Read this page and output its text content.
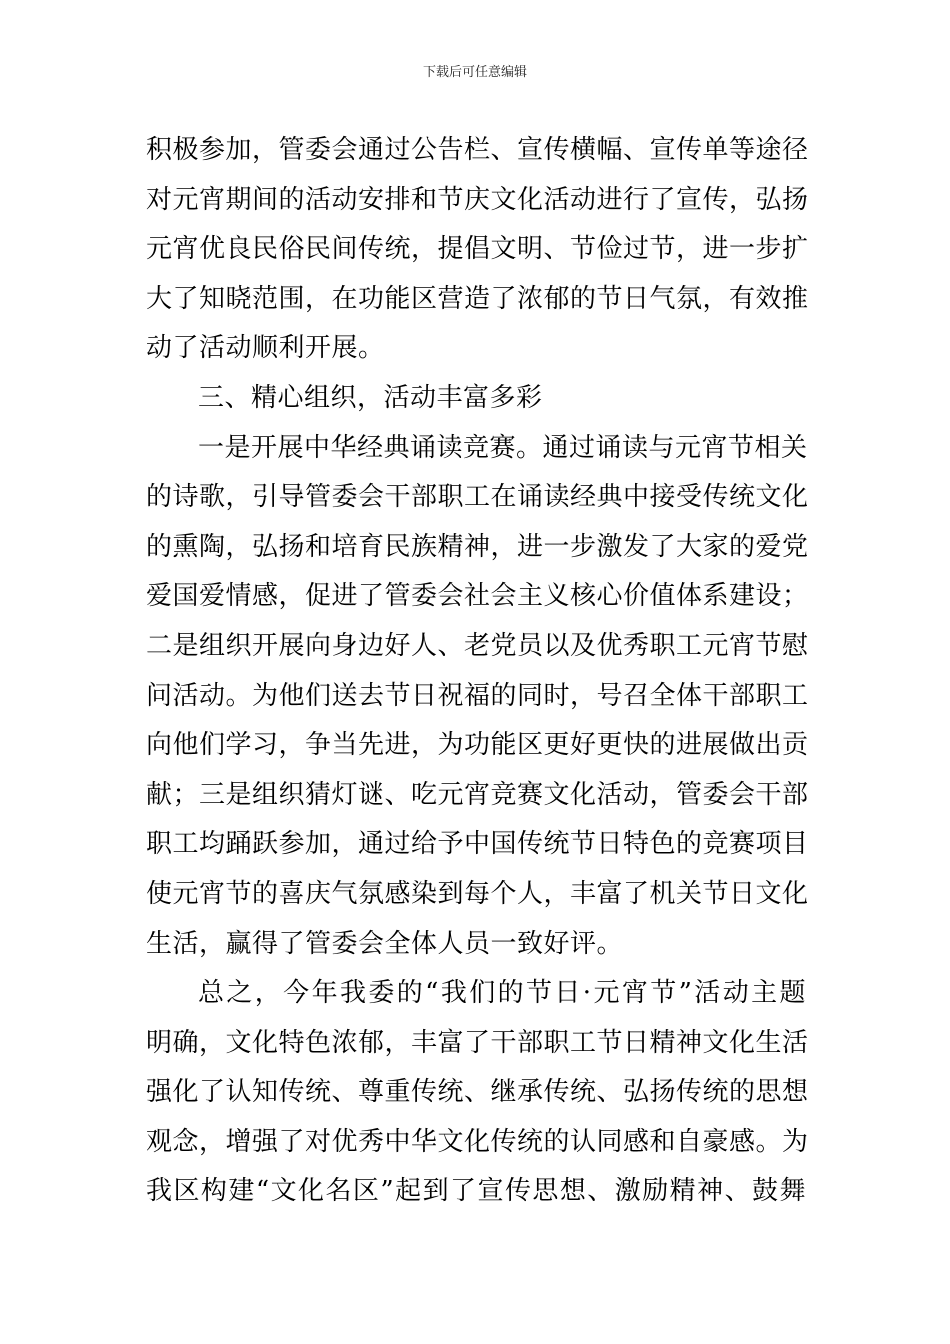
下载后可任意编辑
积极参加，管委会通过公告栏、宣传横幅、宣传单等途径
对元宵期间的活动安排和节庆文化活动进行了宣传，弘扬
元宵优良民俗民间传统，提倡文明、节俭过节，进一步扩
大了知晓范围，在功能区营造了浓郁的节日气氛，有效推
动了活动顺利开展。
三、精心组织，活动丰富多彩
一是开展中华经典诵读竞赛。通过诵读与元宵节相关
的诗歌，引导管委会干部职工在诵读经典中接受传统文化
的熏陶，弘扬和培育民族精神，进一步激发了大家的爱党
爱国爱情感，促进了管委会社会主义核心价值体系建设；
二是组织开展向身边好人、老党员以及优秀职工元宵节慰
问活动。为他们送去节日祝福的同时，号召全体干部职工
向他们学习，争当先进，为功能区更好更快的进展做出贡
献；三是组织猜灯谜、吃元宵竞赛文化活动，管委会干部
职工均踊跃参加，通过给予中国传统节日特色的竞赛项目
使元宵节的喜庆气氛感染到每个人，丰富了机关节日文化
生活，赢得了管委会全体人员一致好评。
总之，今年我委的“我们的节日·元宵节”活动主题
明确，文化特色浓郁，丰富了干部职工节日精神文化生活
强化了认知传统、尊重传统、继承传统、弘扬传统的思想
观念，增强了对优秀中华文化传统的认同感和自豪感。为
我区构建“文化名区”起到了宣传思想、激励精神、鼓舞
